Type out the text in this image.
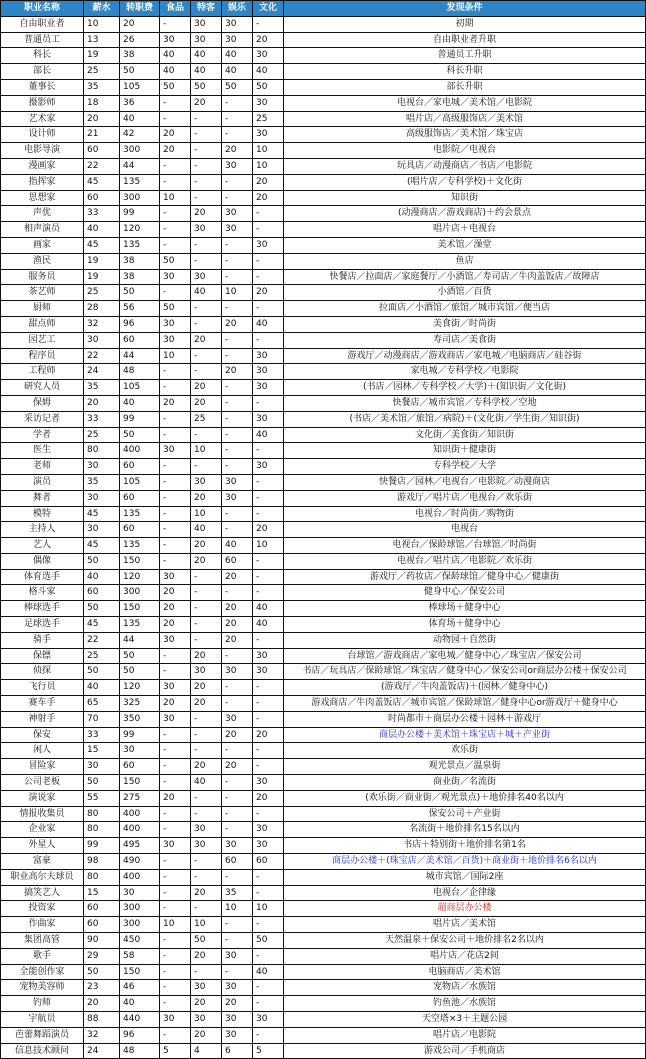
职业名称	薪水	转职费	食品	特客	娱乐	文化	发现条件
自由职业者	10	20	-	30	30	-	初期
普通员工	13	26	30	30	30	20	自由职业者升职
科长	19	38	40	40	40	30	普通员工升职
部长	25	50	40	40	40	40	科长升职
董事长	35	105	50	50	50	50	部长升职
摄影师	18	36	-	20	-	30	电视台／家电城／美术馆／电影院
艺术家	20	40	-	-	-	25	唱片店／高级服饰店／美术馆
设计师	21	42	20	-	-	30	高级服饰店／美术馆／珠宝店
电影导演	60	300	20	-	20	10	电影院／电视台
漫画家	22	44	-	-	30	10	玩具店／动漫商店／书店／电影院
指挥家	45	135	-	-	-	20	(唱片店／专科学校)＋文化街
思想家	60	300	10	-	-	20	知识街
声优	33	99	-	20	30	-	(动漫商店／游戏商店)＋约会景点
相声演员	40	120	-	30	30	-	唱片店＋电视台
画家	45	135	-	-	-	30	美术馆／澡堂
渔民	19	38	50	-	-	-	鱼店
服务员	19	38	30	30	-	-	快餐店／拉面店／家庭餐厅／小酒馆／寿司店／牛肉盖饭店／故障店
茶艺师	25	50	-	40	10	20	小酒馆／百货
厨师	28	56	50	-	-	-	拉面店／小酒馆／旅馆／城市宾馆／便当店
甜点师	32	96	30	-	20	40	美食街／时尚街
园艺工	30	60	30	20	-	-	寿司店／美食街
程序员	22	44	10	-	-	30	游戏厅／动漫商店／游戏商店／家电城／电脑商店／硅谷街
工程师	24	48	-	-	20	30	家电城／专科学校／电影院
研究人员	35	105	-	20	-	30	(书店／园林／专科学校／大学)＋(知识街／文化街)
保姆	20	40	20	20	-	-	快餐店／城市宾馆／专科学校／空地
采访记者	33	99	-	25	-	30	(书店／美术馆／旅馆／病院)＋(文化街／学生街／知识街)
学者	25	50	-	-	-	40	文化街／美食街／知识街
医生	80	400	30	10	-	-	知识街＋健康街
老师	30	60	-	-	-	30	专科学校／大学
演员	35	105	-	30	30	-	快餐店／园林／电视台／电影院／动漫商店
舞者	30	60	-	20	30	-	游戏厅／唱片店／电视台／欢乐街
模特	45	135	-	10	-	-	电视台／时尚街／购物街
主持人	30	60	-	40	-	20	电视台
艺人	45	135	-	20	40	10	电视台／保龄球馆／台球馆／时尚街
偶像	50	150	-	20	60	-	电视台／唱片店／电影院／欢乐街
体育选手	40	120	30	-	20	-	游戏厅／药妆店／保龄球馆／健身中心／健康街
格斗家	60	300	20	-	-	-	健身中心／保安公司
棒球选手	50	150	20	-	20	40	棒球场＋健身中心
足球选手	45	135	20	-	20	40	体育场＋健身中心
骑手	22	44	30	-	20	-	动物园＋自然街
保镖	25	50	-	20	-	30	台球馆／游戏商店／家电城／健身中心／珠宝店／保安公司
侦探	50	50	-	30	30	30	书店／玩具店／保龄球馆／珠宝店／健身中心／保安公司or商层办公楼＋保安公司
飞行员	40	120	30	20	-	-	(游戏厅／牛肉盖饭店)＋(园林／健身中心)
赛车手	65	325	20	20	-	-	游戏商店／牛肉盖饭店／城市宾馆／保龄球馆／健身中心or游戏厅＋健身中心
神射手	70	350	30	-	30	-	时尚都市＋商层办公楼＋园林＋游戏厅
保安	33	99	-	-	20	20	商层办公楼＋美术馆＋珠宝店＋城＋产业街
闲人	15	30	-	-	-	-	欢乐街
冒险家	30	60	-	20	20	-	观光景点／温泉街
公司老板	50	150	-	40	-	30	商业街／名流街
演说家	55	275	20	-	-	20	(欢乐街／商业街／观光景点)＋地价排名40名以内
情报收集员	80	400	-	-	-	-	保安公司＋产业街
企业家	80	400	-	30	-	30	名流街＋地价排名15名以内
外星人	99	495	30	30	30	30	书店＋特别街＋地价排名第1名
富豪	98	490	-	-	60	60	商层办公楼＋(珠宝店／美术馆／百货)＋商业街＋地价排名6名以内
职业高尔夫球员	80	400	-	-	-	-	城市宾馆／国际2座
搞笑艺人	15	30	-	20	35	-	电视台／企律缘
投资家	60	300	-	-	10	10	超商层办公楼
作曲家	60	300	10	10	-	-	唱片店／美术馆
集团高管	90	450	-	50	-	50	天然温泉＋保安公司＋地价排名2名以内
歌手	29	58	-	20	30	-	唱片店／花店2间
全能创作家	50	150	-	-	-	40	电脑商店／美术馆
宠物美容师	23	46	-	30	30	-	宠物店／水族馆
钓师	20	40	-	20	20	-	钓鱼池／水族馆
宇航员	88	440	30	30	30	30	天空塔×3＋主题公园
芭蕾舞蹈演员	32	96	-	20	30	-	唱片店／电影院
信息技术顾问	24	48	5	4	6	5	游戏公司／手机商店
